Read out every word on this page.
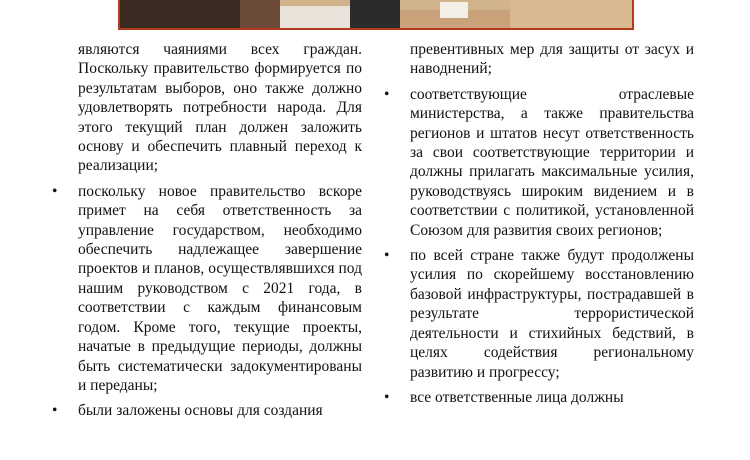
являются чаяниями всех граждан. Поскольку правительство формируется по результатам выборов, оно также должно удовлетворять потребности народа. Для этого текущий план должен заложить основу и обеспечить плавный переход к реализации;

• поскольку новое правительство вскоре примет на себя ответственность за управление государством, необходимо обеспечить надлежащее завершение проектов и планов, осуществлявшихся под нашим руководством с 2021 года, в соответствии с каждым финансовым годом. Кроме того, текущие проекты, начатые в предыдущие периоды, должны быть систематически задокументированы и переданы;

• были заложены основы для создания

превентивных мер для защиты от засух и наводнений;

• соответствующие отраслевые министерства, а также правительства регионов и штатов несут ответственность за свои соответствующие территории и должны прилагать максимальные усилия, руководствуясь широким видением и в соответствии с политикой, установленной Союзом для развития своих регионов;

• по всей стране также будут продолжены усилия по скорейшему восстановлению базовой инфраструктуры, пострадавшей в результате террористической деятельности и стихийных бедствий, в целях содействия региональному развитию и прогрессу;

• все ответственные лица должны
